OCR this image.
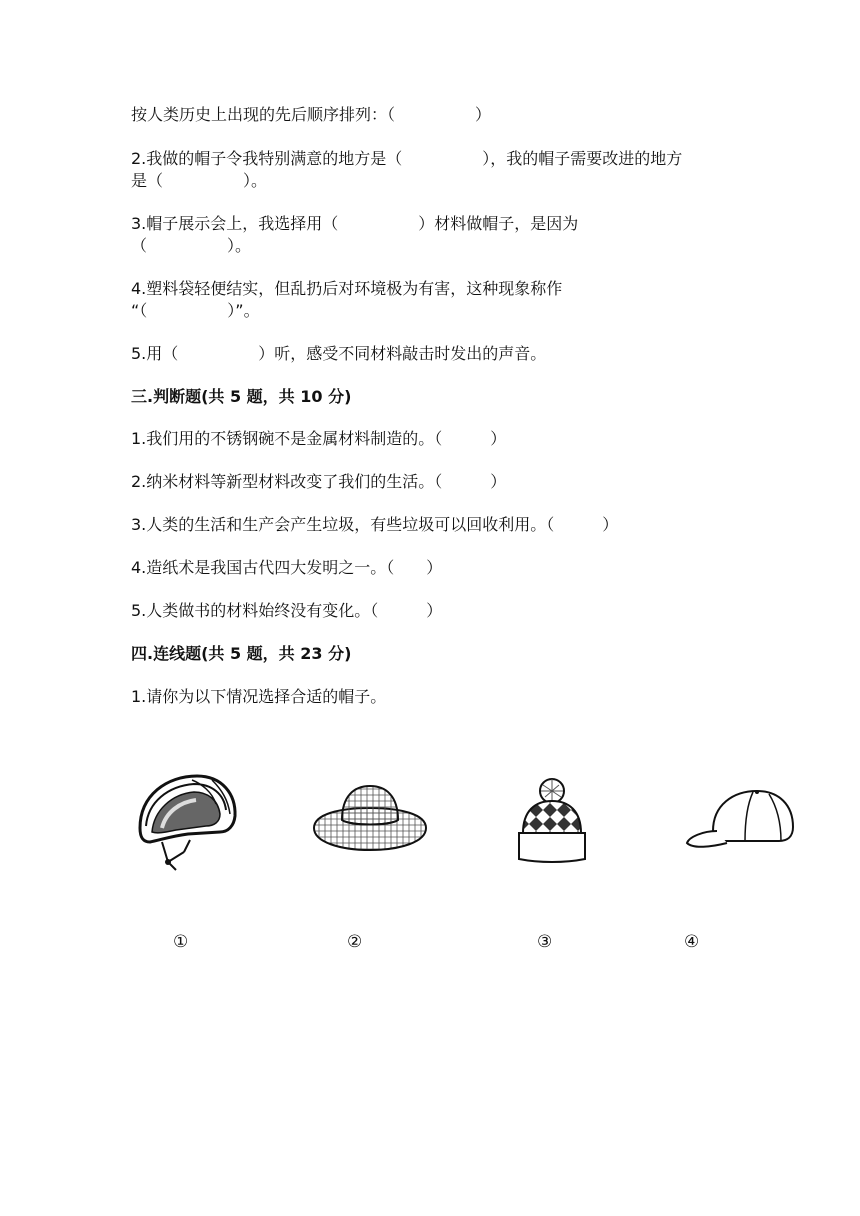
按人类历史上出现的先后顺序排列：（　　　　　）
2.我做的帽子令我特别满意的地方是（　　　　　），我的帽子需要改进的地方
是（　　　　　）。
3.帽子展示会上，我选择用（　　　　　）材料做帽子，是因为
（　　　　　）。
4.塑料袋轻便结实，但乱扔后对环境极为有害，这种现象称作
“（　　　　　）”。
5.用（　　　　　）听，感受不同材料敲击时发出的声音。
三.判断题(共 5 题，共 10 分)
1.我们用的不锈钢碗不是金属材料制造的。（　　　）
2.纳米材料等新型材料改变了我们的生活。（　　　）
3.人类的生活和生产会产生垃圾，有些垃圾可以回收利用。（　　　）
4.造纸术是我国古代四大发明之一。（　　）
5.人类做书的材料始终没有变化。（　　　）
四.连线题(共 5 题，共 23 分)
1.请你为以下情况选择合适的帽子。
①	②	③	④
